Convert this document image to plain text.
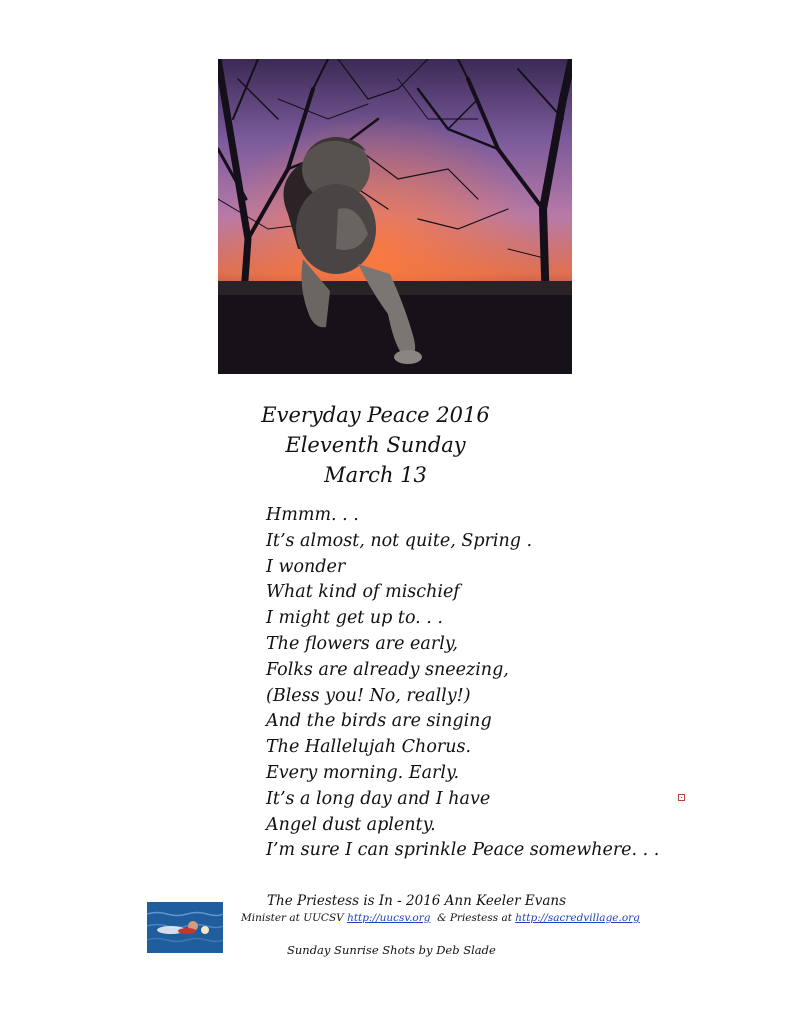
Everyday Peace 2016
Eleventh Sunday
March 13
Hmmm. . .
It’s almost, not quite, Spring .
I wonder
What kind of mischief
I might get up to. . .
The flowers are early,
Folks are already sneezing,
(Bless you! No, really!)
And the birds are singing
The Hallelujah Chorus.
Every morning. Early.
It’s a long day and I have
Angel dust aplenty.
I’m sure I can sprinkle Peace somewhere. . .
The Priestess is In - 2016 Ann Keeler Evans
Minister at UUCSV http://uucsv.org  & Priestess at http://sacredvillage.org
Sunday Sunrise Shots by Deb Slade
